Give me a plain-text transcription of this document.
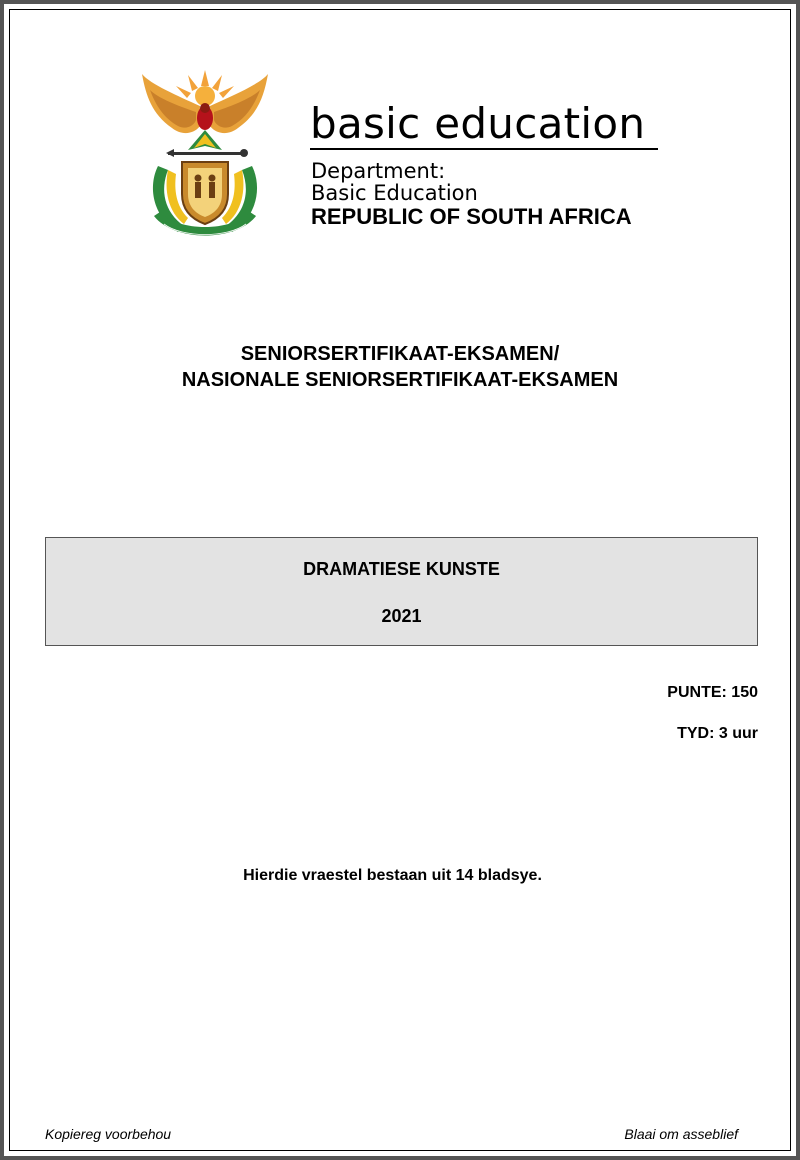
basic education
Department:
Basic Education
REPUBLIC OF SOUTH AFRICA
SENIORSERTIFIKAAT-EKSAMEN/
NASIONALE SENIORSERTIFIKAAT-EKSAMEN
DRAMATIESE KUNSTE
2021
PUNTE: 150
TYD: 3 uur
Hierdie vraestel bestaan uit 14 bladsye.
Kopiereg voorbehou	Blaai om asseblief
